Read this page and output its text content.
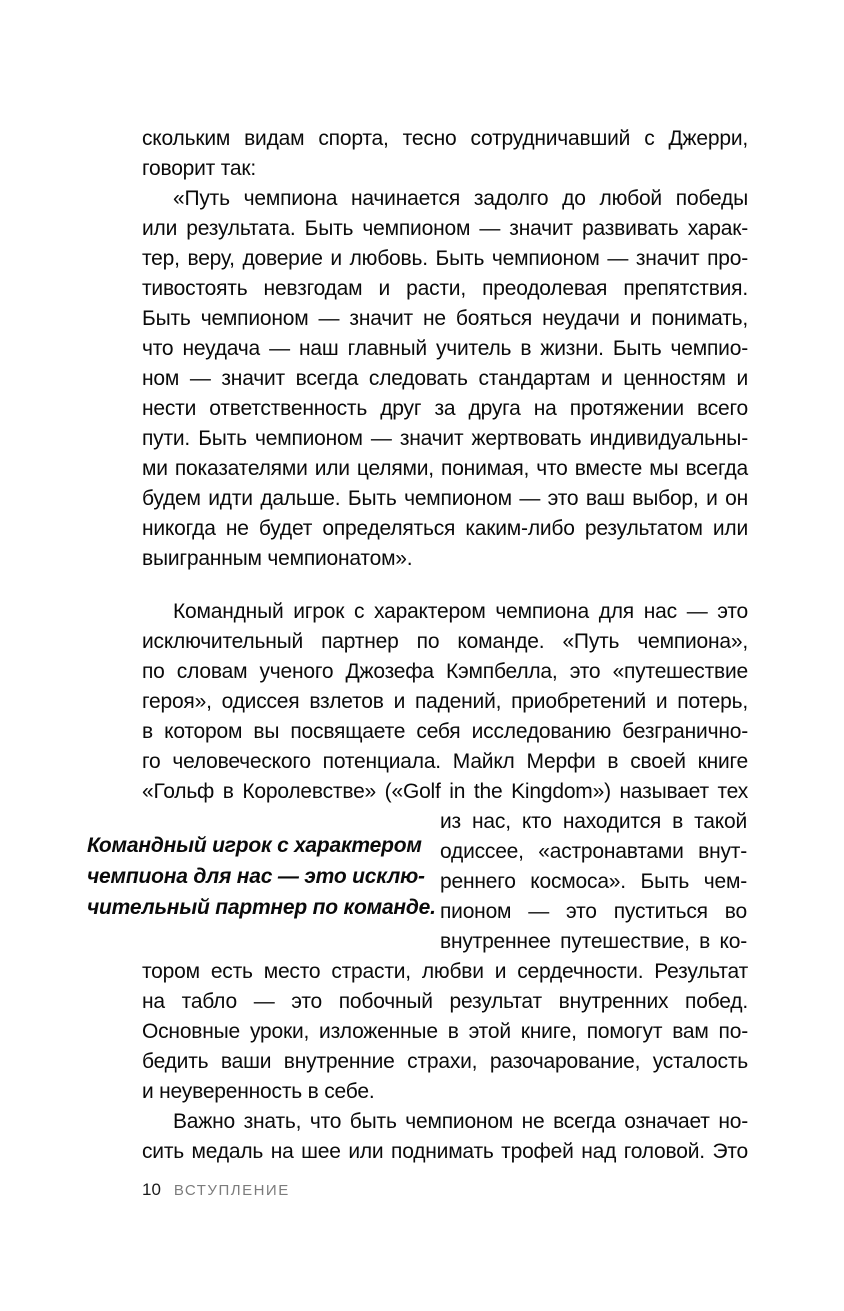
скольким видам спорта, тесно сотрудничавший с Джерри,
говорит так:
«Путь чемпиона начинается задолго до любой победы
или результата. Быть чемпионом — значит развивать харак-
тер, веру, доверие и любовь. Быть чемпионом — значит про-
тивостоять невзгодам и расти, преодолевая препятствия.
Быть чемпионом — значит не бояться неудачи и понимать,
что неудача — наш главный учитель в жизни. Быть чемпио-
ном — значит всегда следовать стандартам и ценностям и
нести ответственность друг за друга на протяжении всего
пути. Быть чемпионом — значит жертвовать индивидуальны-
ми показателями или целями, понимая, что вместе мы всегда
будем идти дальше. Быть чемпионом — это ваш выбор, и он
никогда не будет определяться каким-либо результатом или
выигранным чемпионатом».
Командный игрок с характером чемпиона для нас — это
исключительный партнер по команде. «Путь чемпиона»,
по словам ученого Джозефа Кэмпбелла, это «путешествие
героя», одиссея взлетов и падений, приобретений и потерь,
в котором вы посвящаете себя исследованию безгранично-
го человеческого потенциала. Майкл Мерфи в своей книге
«Гольф в Королевстве» («Golf in the Kingdom») называет тех
Командный игрок с характером
чемпиона для нас — это исклю-
чительный партнер по команде.
из нас, кто находится в такой
одиссее, «астронавтами внут-
реннего космоса». Быть чем-
пионом — это пуститься во
внутреннее путешествие, в ко-
тором есть место страсти, любви и сердечности. Результат
на табло — это побочный результат внутренних побед.
Основные уроки, изложенные в этой книге, помогут вам по-
бедить ваши внутренние страхи, разочарование, усталость
и неуверенность в себе.
Важно знать, что быть чемпионом не всегда означает но-
сить медаль на шее или поднимать трофей над головой. Это
10 ВСТУПЛЕНИЕ
